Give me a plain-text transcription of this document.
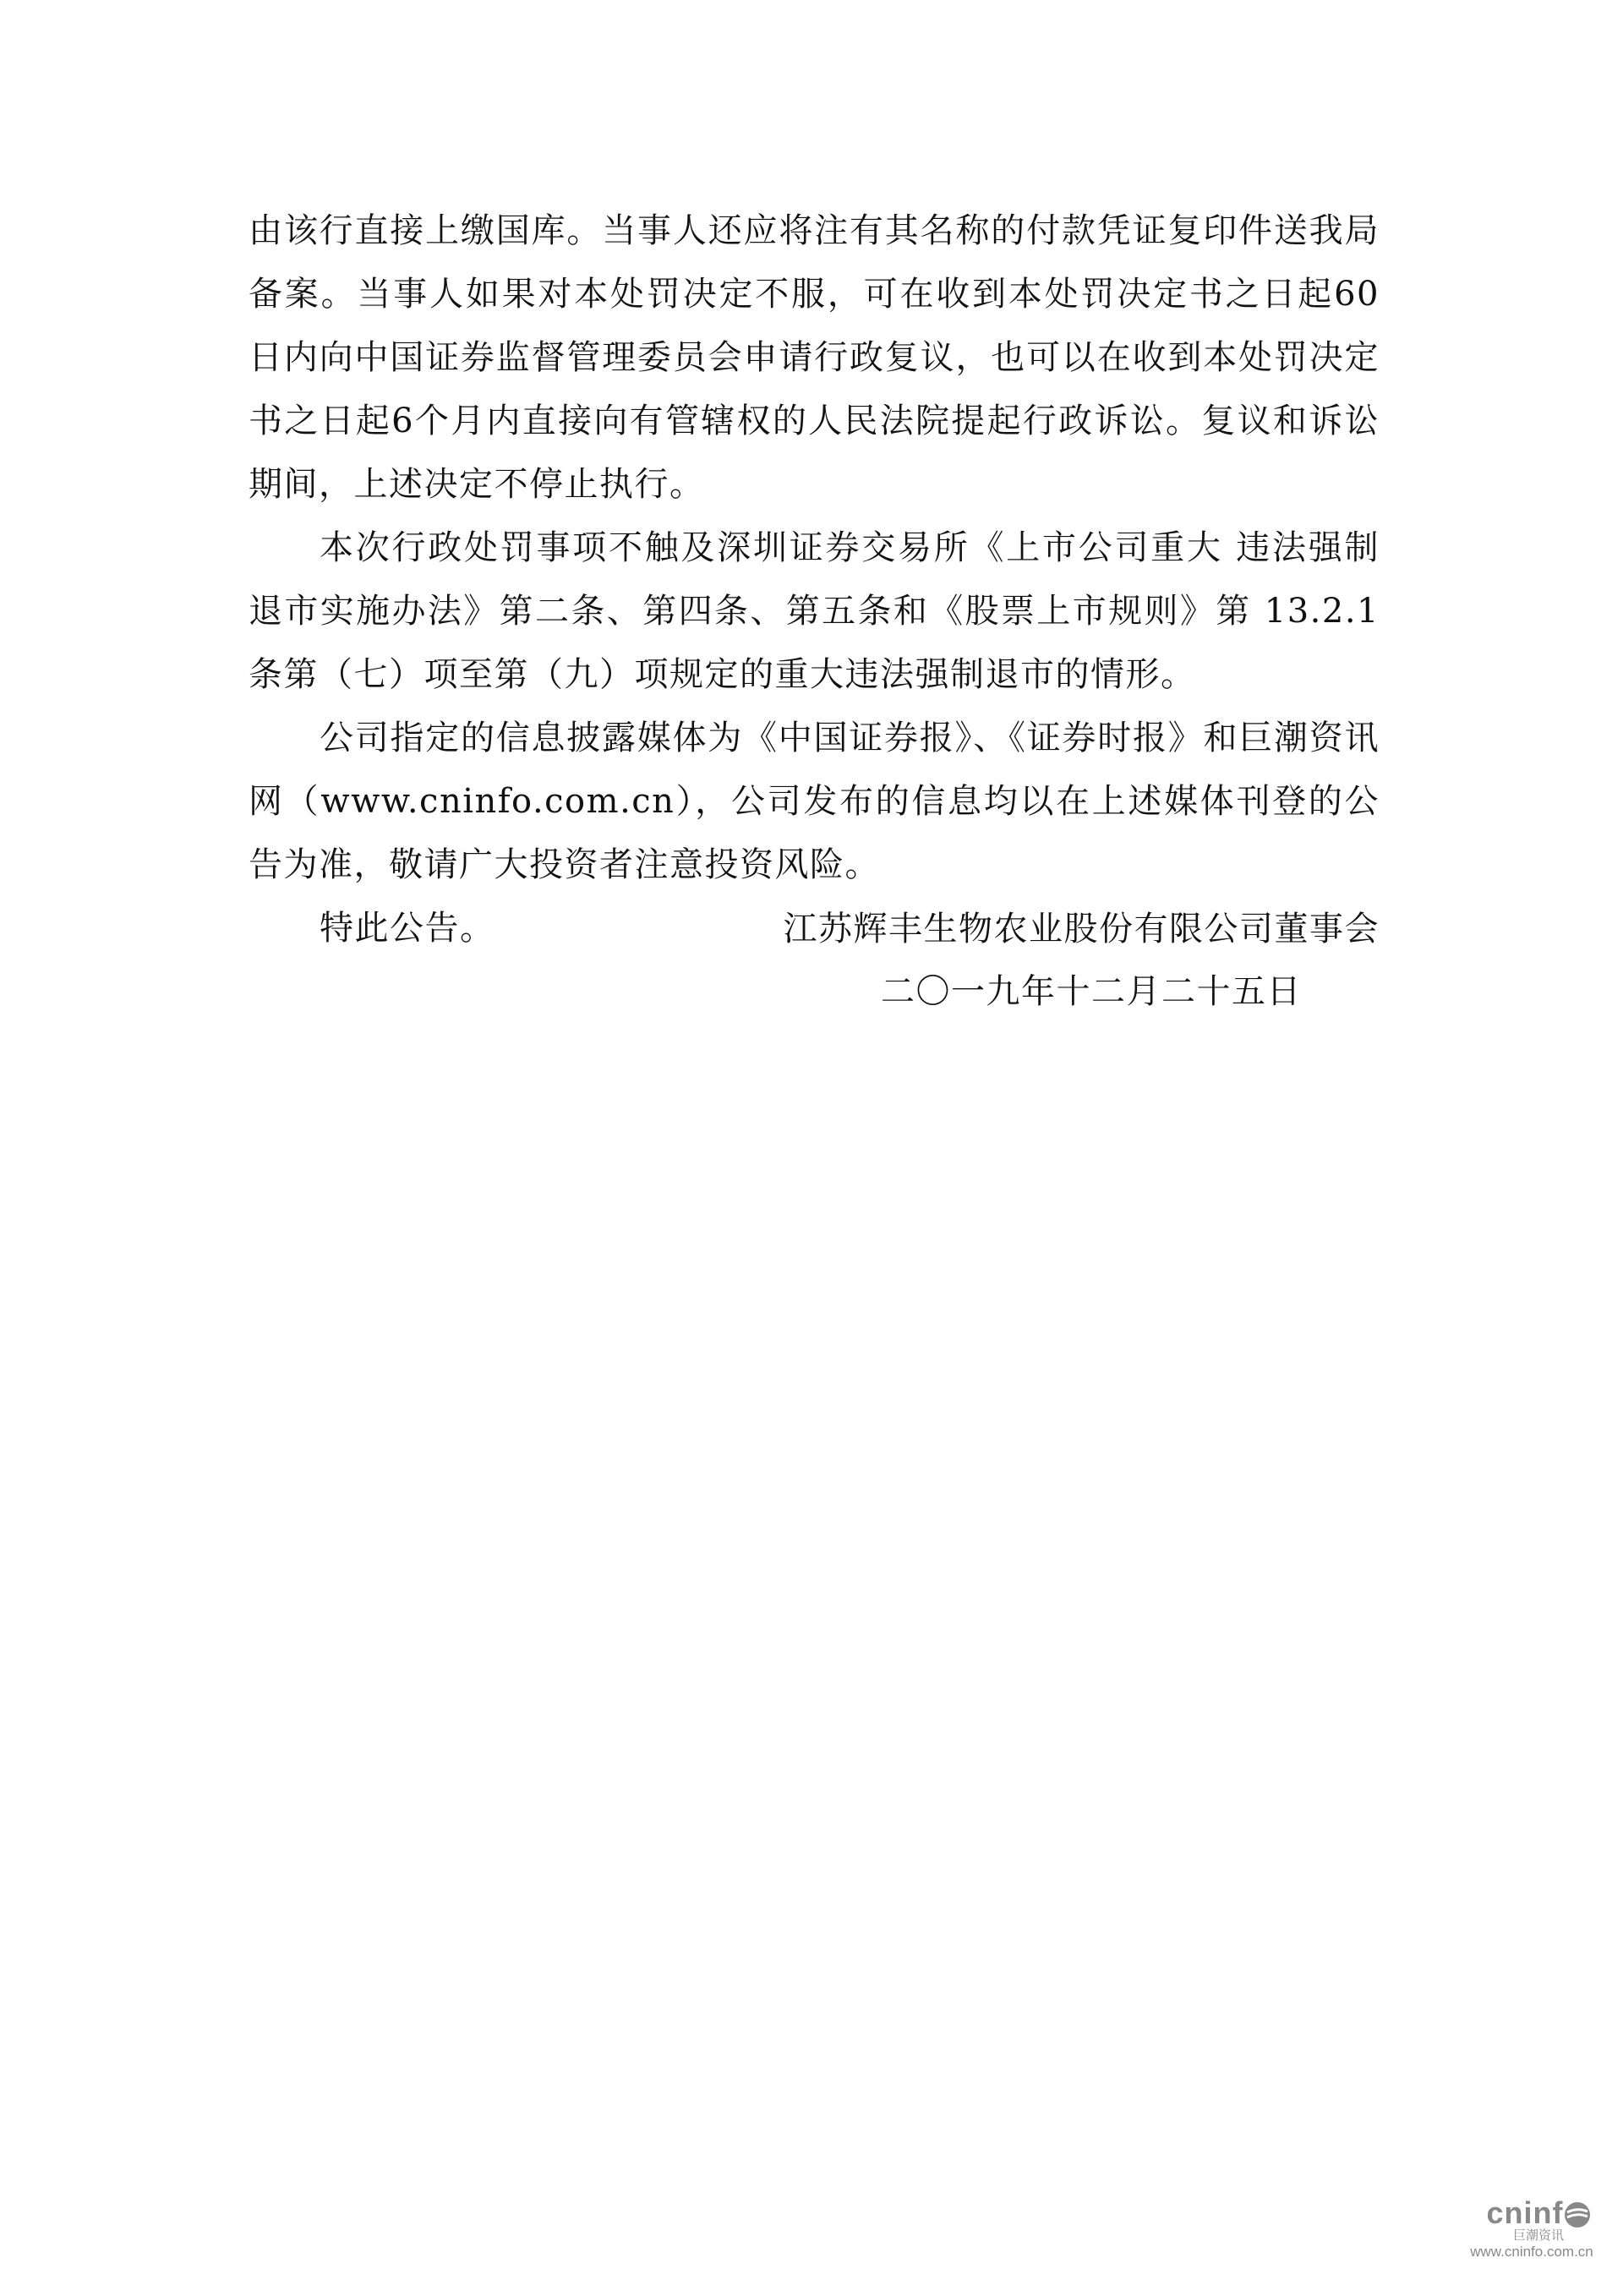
由该行直接上缴国库。当事人还应将注有其名称的付款凭证复印件送我局备案。当事人如果对本处罚决定不服，可在收到本处罚决定书之日起60日内向中国证券监督管理委员会申请行政复议，也可以在收到本处罚决定书之日起6个月内直接向有管辖权的人民法院提起行政诉讼。复议和诉讼期间，上述决定不停止执行。

本次行政处罚事项不触及深圳证券交易所《上市公司重大 违法强制退市实施办法》第二条、第四条、第五条和《股票上市规则》第 13.2.1 条第（七）项至第（九）项规定的重大违法强制退市的情形。

公司指定的信息披露媒体为《中国证券报》、《证券时报》和巨潮资讯网（www.cninfo.com.cn），公司发布的信息均以在上述媒体刊登的公告为准，敬请广大投资者注意投资风险。

特此公告。	江苏辉丰生物农业股份有限公司董事会
二〇一九年十二月二十五日
cninf
巨潮资讯
www.cninfo.com.cn
